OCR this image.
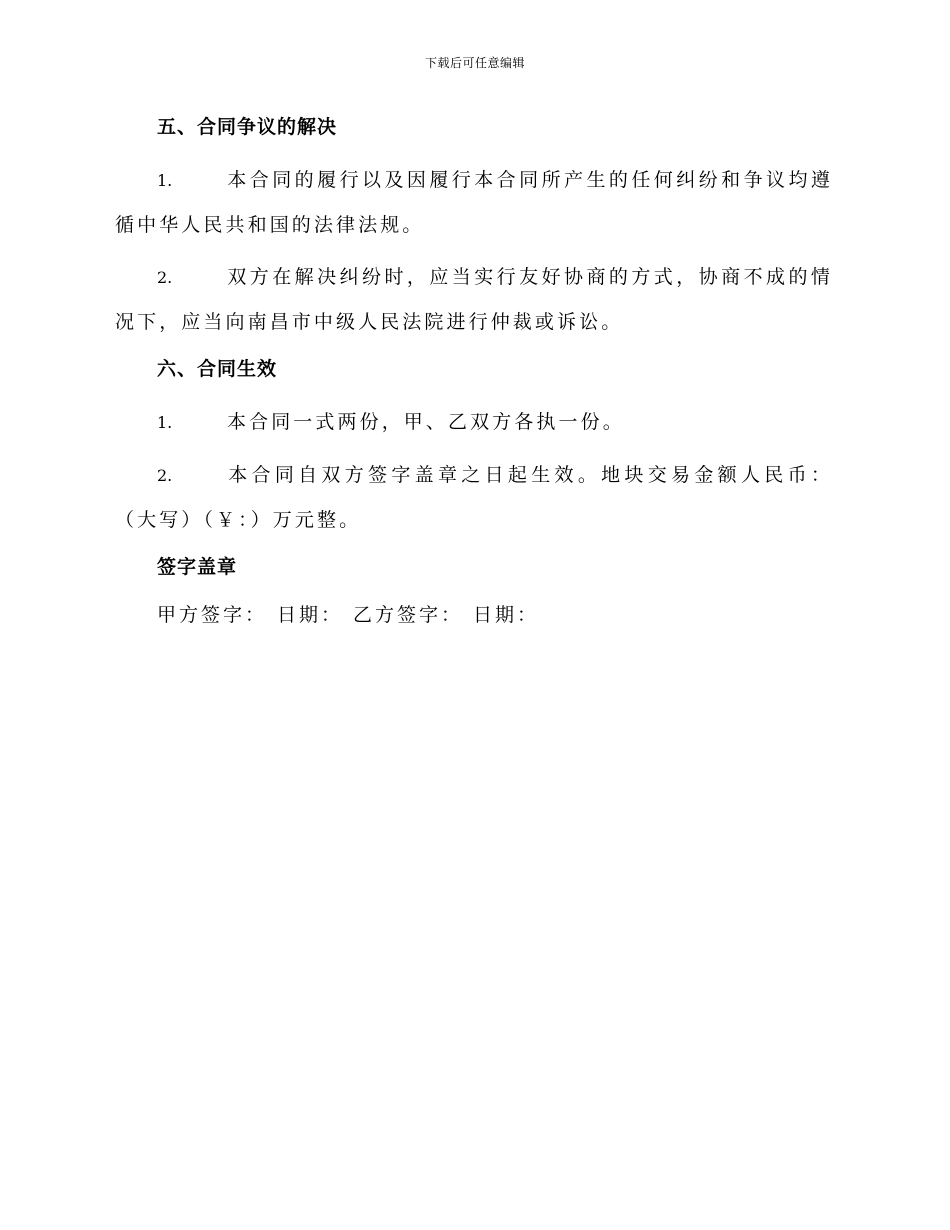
下载后可任意编辑
五、合同争议的解决

1.	本合同的履行以及因履行本合同所产生的任何纠纷和争议均遵循中华人民共和国的法律法规。

2.	双方在解决纠纷时，应当实行友好协商的方式，协商不成的情况下，应当向南昌市中级人民法院进行仲裁或诉讼。

六、合同生效

1.	本合同一式两份，甲、乙双方各执一份。

2.	本合同自双方签字盖章之日起生效。地块交易金额人民币：（大写）（￥：）万元整。

签字盖章
甲方签字： 日期： 乙方签字： 日期：
